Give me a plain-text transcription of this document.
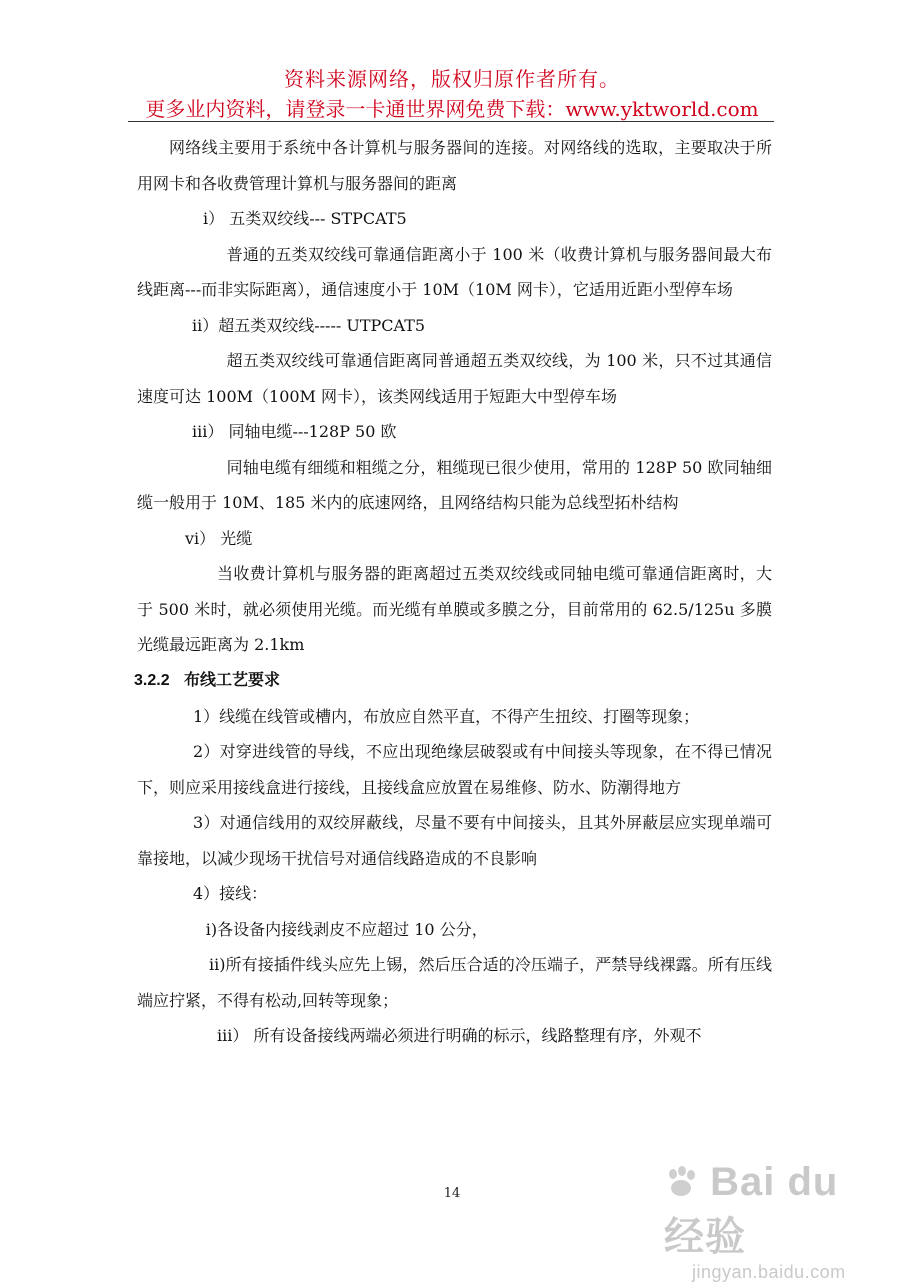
资料来源网络，版权归原作者所有。
更多业内资料，请登录一卡通世界网免费下载：www.yktworld.com

网络线主要用于系统中各计算机与服务器间的连接。对网络线的选取，主要取决于所用网卡和各收费管理计算机与服务器间的距离

i） 五类双绞线--- STPCAT5

普通的五类双绞线可靠通信距离小于 100 米（收费计算机与服务器间最大布线距离---而非实际距离），通信速度小于 10M（10M 网卡），它适用近距小型停车场

ii）超五类双绞线----- UTPCAT5

超五类双绞线可靠通信距离同普通超五类双绞线，为 100 米，只不过其通信速度可达 100M（100M 网卡），该类网线适用于短距大中型停车场

iii） 同轴电缆---128P 50 欧

同轴电缆有细缆和粗缆之分，粗缆现已很少使用，常用的 128P 50 欧同轴细缆一般用于 10M、185 米内的底速网络，且网络结构只能为总线型拓朴结构

vi） 光缆

当收费计算机与服务器的距离超过五类双绞线或同轴电缆可靠通信距离时，大于 500 米时，就必须使用光缆。而光缆有单膜或多膜之分，目前常用的 62.5/125u 多膜光缆最远距离为 2.1km

3.2.2 布线工艺要求

1）线缆在线管或槽内，布放应自然平直，不得产生扭绞、打圈等现象；

2）对穿进线管的导线，不应出现绝缘层破裂或有中间接头等现象，在不得已情况下，则应采用接线盒进行接线，且接线盒应放置在易维修、防水、防潮得地方

3）对通信线用的双绞屏蔽线，尽量不要有中间接头，且其外屏蔽层应实现单端可靠接地，以减少现场干扰信号对通信线路造成的不良影响

4）接线：

i)各设备内接线剥皮不应超过 10 公分，

ii)所有接插件线头应先上锡，然后压合适的冷压端子，严禁导线裸露。所有压线端应拧紧，不得有松动,回转等现象；

iii） 所有设备接线两端必须进行明确的标示，线路整理有序，外观不

14	Bai du 经验
jingyan.baidu.com
